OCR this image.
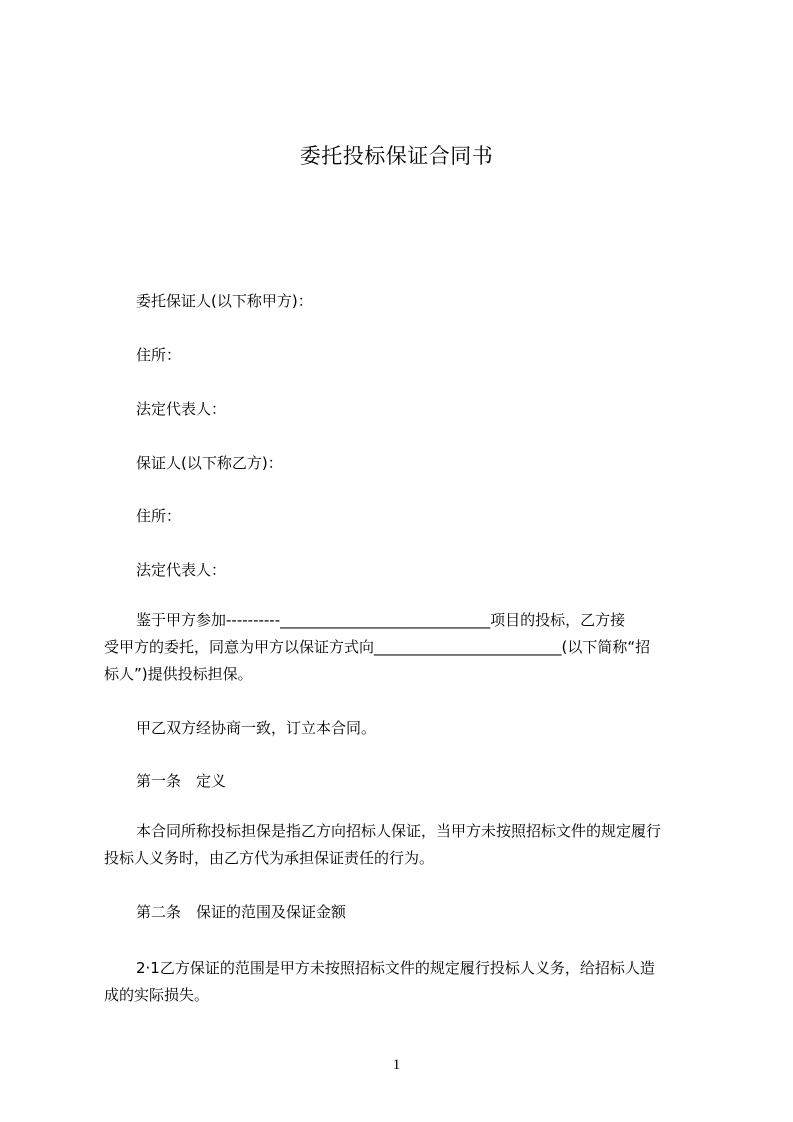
委托投标保证合同书
委托保证人(以下称甲方)：
住所：
法定代表人：
保证人(以下称乙方)：
住所：
法定代表人：

鉴于甲方参加----------____________________________项目的投标，乙方接

受甲方的委托，同意为甲方以保证方式向_________________________(以下简称“招

标人”)提供投标担保。

甲乙双方经协商一致，订立本合同。
第一条　定义

本合同所称投标担保是指乙方向招标人保证，当甲方未按照招标文件的规定履行

投标人义务时，由乙方代为承担保证责任的行为。

第二条　保证的范围及保证金额

2·1乙方保证的范围是甲方未按照招标文件的规定履行投标人义务，给招标人造

成的实际损失。

1
